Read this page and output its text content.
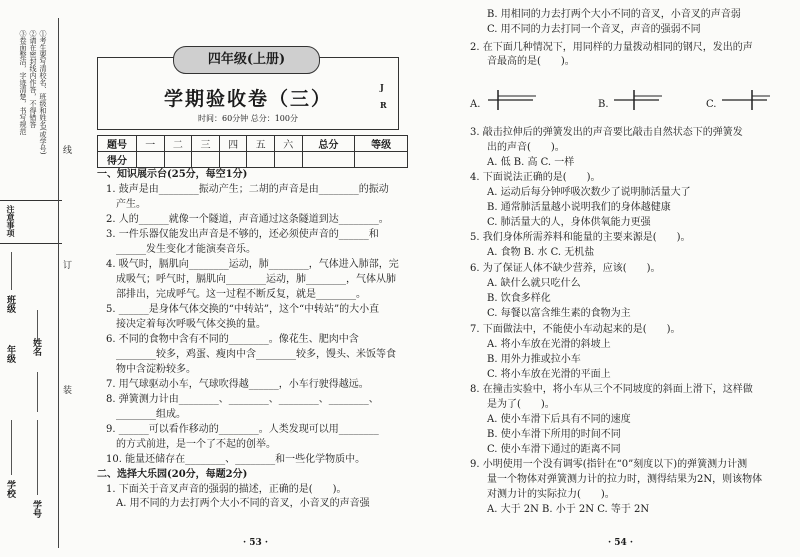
①考生要写清校名、班级和姓名(或学号)
②请在密封线内作答，不得错答
③卷面整洁，字迹清楚，书写规范
注意事项
班级
姓名
年级
学校
学号
线
订
装
学期验收卷（三）
时间：60分钟 总分：100分
四年级(上册)
J
R
题号	一	二	三	四	五	六	总分	等级
得分								
一、知识展示台(25分，每空1分)
1. 鼓声是由________振动产生；二胡的声音是由________的振动
产生。
2. 人的______就像一个隧道，声音通过这条隧道到达________。
3. 一件乐器仅能发出声音是不够的，还必须使声音的______和
______发生变化才能演奏音乐。
4. 吸气时，膈肌向________运动，肺________，气体进入肺部，完
成吸气；呼气时，膈肌向________运动，肺________，气体从肺
部排出，完成呼气。这一过程不断反复，就是________。
5. ______是身体气体交换的“中转站”，这个“中转站”的大小直
接决定着每次呼吸气体交换的量。
6. 不同的食物中含有不同的________。像花生、肥肉中含
________较多，鸡蛋、瘦肉中含________较多，馒头、米饭等食
物中含淀粉较多。
7. 用气球驱动小车，气球吹得越______，小车行驶得越远。
8. 弹簧测力计由________、________、________、________、
________组成。
9. ______可以看作移动的________。人类发现可以用________
的方式前进，是一个了不起的创举。
10. 能量还储存在________、________和一些化学物质中。
二、选择大乐园(20分，每题2分)
1. 下面关于音叉声音的强弱的描述，正确的是(　　)。
A. 用不同的力去打两个大小不同的音叉，小音叉的声音强
· 53 ·
B. 用相同的力去打两个大小不同的音叉，小音叉的声音弱
C. 用不同的力去打同一个音叉，声音的强弱不同
2. 在下面几种情况下，用同样的力量拨动相同的钢尺，发出的声
音最高的是(　　)。
3. 敲击拉伸后的弹簧发出的声音要比敲击自然状态下的弹簧发
出的声音(　　)。
A. 低 B. 高 C. 一样
4. 下面说法正确的是(　　)。
A. 运动后每分钟呼吸次数少了说明肺活量大了
B. 通常肺活量越小说明我们的身体越健康
C. 肺活量大的人，身体供氧能力更强
5. 我们身体所需养料和能量的主要来源是(　　)。
A. 食物 B. 水 C. 无机盐
6. 为了保证人体不缺少营养，应该(　　)。
A. 缺什么就只吃什么
B. 饮食多样化
C. 每餐以富含维生素的食物为主
7. 下面做法中，不能使小车动起来的是(　　)。
A. 将小车放在光滑的斜坡上
B. 用外力推或拉小车
C. 将小车放在光滑的平面上
8. 在撞击实验中，将小车从三个不同坡度的斜面上滑下，这样做
是为了(　　)。
A. 使小车滑下后具有不同的速度
B. 使小车滑下所用的时间不同
C. 使小车滑下通过的距离不同
9. 小明使用一个没有调零(指针在“0”刻度以下)的弹簧测力计测
量一个物体对弹簧测力计的拉力时，测得结果为2N，则该物体
对测力计的实际拉力(　　)。
A. 大于 2N B. 小于 2N C. 等于 2N
A.	B.	C.
· 54 ·
